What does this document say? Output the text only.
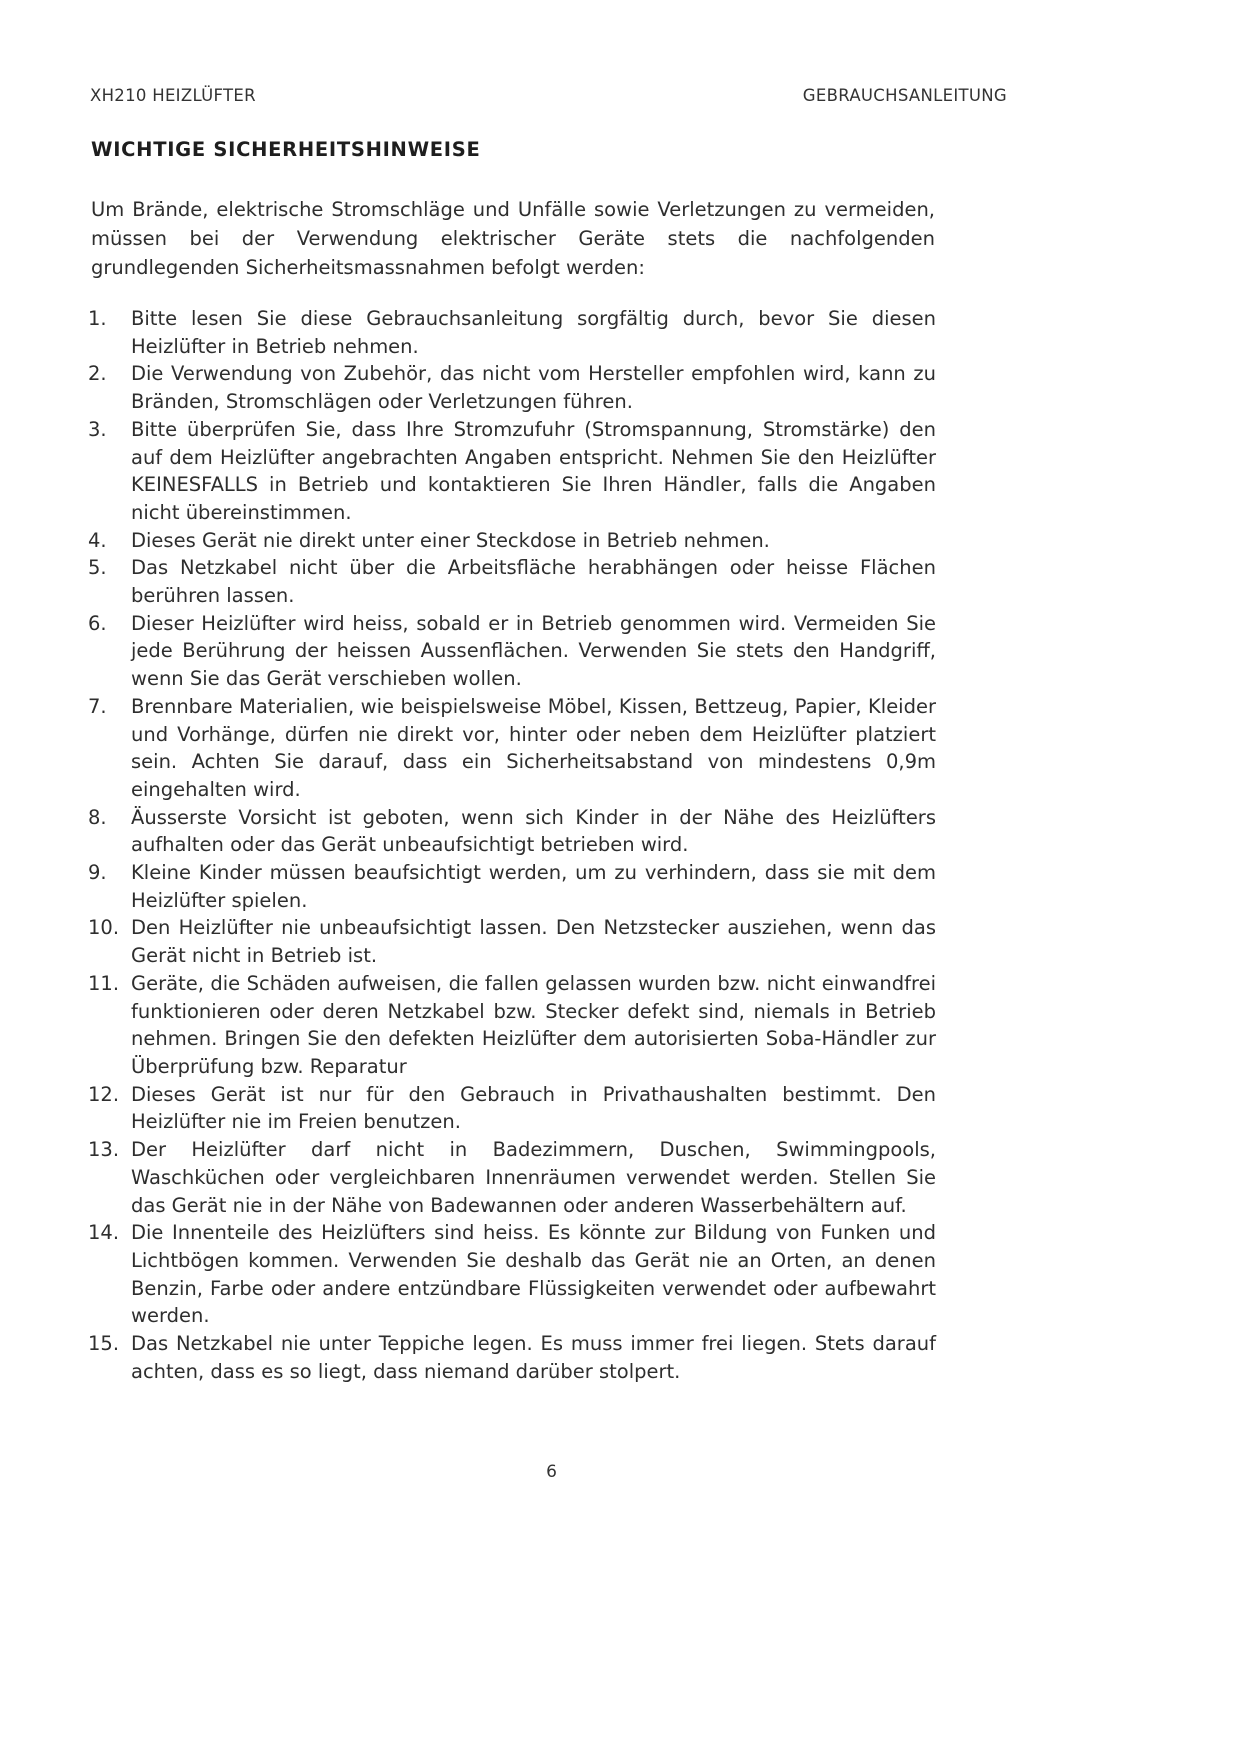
XH210 HEIZLÜFTER	GEBRAUCHSANLEITUNG
WICHTIGE SICHERHEITSHINWEISE
Um Brände, elektrische Stromschläge und Unfälle sowie Verletzungen zu vermeiden, müssen bei der Verwendung elektrischer Geräte stets die nachfolgenden grundlegenden Sicherheitsmassnahmen befolgt werden:
1.	Bitte lesen Sie diese Gebrauchsanleitung sorgfältig durch, bevor Sie diesen Heizlüfter in Betrieb nehmen.
2.	Die Verwendung von Zubehör, das nicht vom Hersteller empfohlen wird, kann zu Bränden, Stromschlägen oder Verletzungen führen.
3.	Bitte überprüfen Sie, dass Ihre Stromzufuhr (Stromspannung, Stromstärke) den auf dem Heizlüfter angebrachten Angaben entspricht. Nehmen Sie den Heizlüfter KEINESFALLS in Betrieb und kontaktieren Sie Ihren Händler, falls die Angaben nicht übereinstimmen.
4.	Dieses Gerät nie direkt unter einer Steckdose in Betrieb nehmen.
5.	Das Netzkabel nicht über die Arbeitsfläche herabhängen oder heisse Flächen berühren lassen.
6.	Dieser Heizlüfter wird heiss, sobald er in Betrieb genommen wird. Vermeiden Sie jede Berührung der heissen Aussenflächen. Verwenden Sie stets den Handgriff, wenn Sie das Gerät verschieben wollen.
7.	Brennbare Materialien, wie beispielsweise Möbel, Kissen, Bettzeug, Papier, Kleider und Vorhänge, dürfen nie direkt vor, hinter oder neben dem Heizlüfter platziert sein. Achten Sie darauf, dass ein Sicherheitsabstand von mindestens 0,9m eingehalten wird.
8.	Äusserste Vorsicht ist geboten, wenn sich Kinder in der Nähe des Heizlüfters aufhalten oder das Gerät unbeaufsichtigt betrieben wird.
9.	Kleine Kinder müssen beaufsichtigt werden, um zu verhindern, dass sie mit dem Heizlüfter spielen.
10. Den Heizlüfter nie unbeaufsichtigt lassen. Den Netzstecker ausziehen, wenn das Gerät nicht in Betrieb ist.
11. Geräte, die Schäden aufweisen, die fallen gelassen wurden bzw. nicht einwandfrei funktionieren oder deren Netzkabel bzw. Stecker defekt sind, niemals in Betrieb nehmen. Bringen Sie den defekten Heizlüfter dem autorisierten Soba-Händler zur Überprüfung bzw. Reparatur
12. Dieses Gerät ist nur für den Gebrauch in Privathaushalten bestimmt. Den Heizlüfter nie im Freien benutzen.
13. Der Heizlüfter darf nicht in Badezimmern, Duschen, Swimmingpools, Waschküchen oder vergleichbaren Innenräumen verwendet werden. Stellen Sie das Gerät nie in der Nähe von Badewannen oder anderen Wasserbehältern auf.
14. Die Innenteile des Heizlüfters sind heiss. Es könnte zur Bildung von Funken und Lichtbögen kommen. Verwenden Sie deshalb das Gerät nie an Orten, an denen Benzin, Farbe oder andere entzündbare Flüssigkeiten verwendet oder aufbewahrt werden.
15. Das Netzkabel nie unter Teppiche legen. Es muss immer frei liegen. Stets darauf achten, dass es so liegt, dass niemand darüber stolpert.
6
